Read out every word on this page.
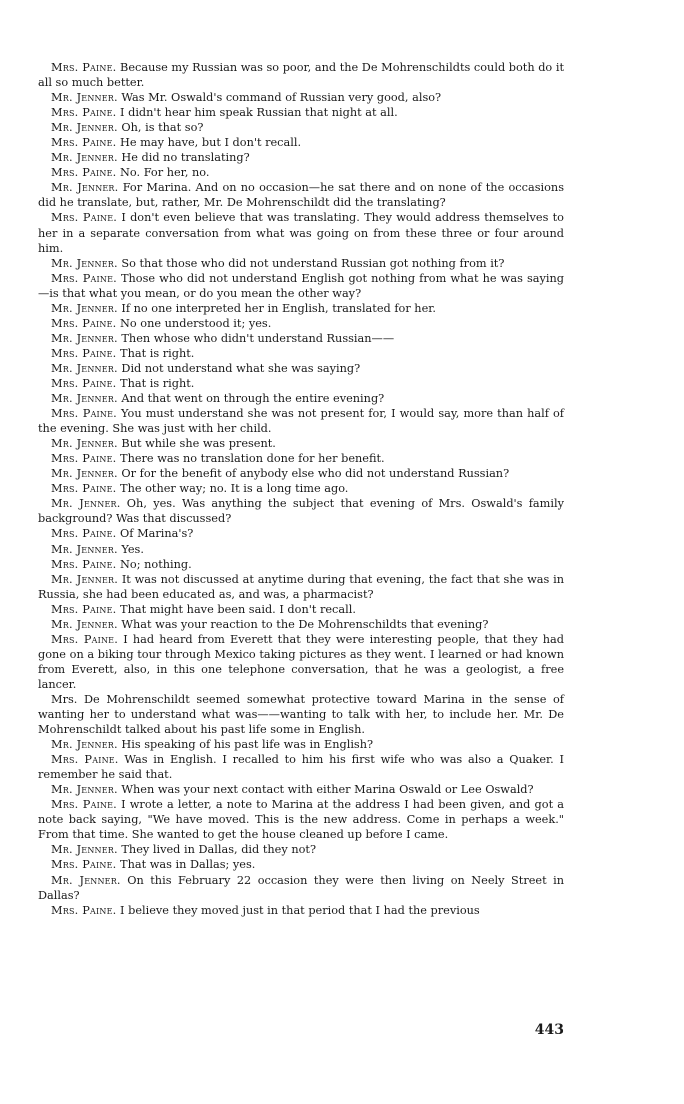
Mrs. Paine. Because my Russian was so poor, and the De Mohrenschildts could both do it all so much better.

Mr. Jenner. Was Mr. Oswald's command of Russian very good, also?

Mrs. Paine. I didn't hear him speak Russian that night at all.

Mr. Jenner. Oh, is that so?

Mrs. Paine. He may have, but I don't recall.

Mr. Jenner. He did no translating?

Mrs. Paine. No. For her, no.

Mr. Jenner. For Marina. And on no occasion—he sat there and on none of the occasions did he translate, but, rather, Mr. De Mohrenschildt did the translating?

Mrs. Paine. I don't even believe that was translating. They would address themselves to her in a separate conversation from what was going on from these three or four around him.

Mr. Jenner. So that those who did not understand Russian got nothing from it?

Mrs. Paine. Those who did not understand English got nothing from what he was saying—is that what you mean, or do you mean the other way?

Mr. Jenner. If no one interpreted her in English, translated for her.

Mrs. Paine. No one understood it; yes.

Mr. Jenner. Then whose who didn't understand Russian——

Mrs. Paine. That is right.

Mr. Jenner. Did not understand what she was saying?

Mrs. Paine. That is right.

Mr. Jenner. And that went on through the entire evening?

Mrs. Paine. You must understand she was not present for, I would say, more than half of the evening. She was just with her child.

Mr. Jenner. But while she was present.

Mrs. Paine. There was no translation done for her benefit.

Mr. Jenner. Or for the benefit of anybody else who did not understand Russian?

Mrs. Paine. The other way; no. It is a long time ago.

Mr. Jenner. Oh, yes. Was anything the subject that evening of Mrs. Oswald's family background? Was that discussed?

Mrs. Paine. Of Marina's?

Mr. Jenner. Yes.

Mrs. Paine. No; nothing.

Mr. Jenner. It was not discussed at anytime during that evening, the fact that she was in Russia, she had been educated as, and was, a pharmacist?

Mrs. Paine. That might have been said. I don't recall.

Mr. Jenner. What was your reaction to the De Mohrenschildts that evening?

Mrs. Paine. I had heard from Everett that they were interesting people, that they had gone on a biking tour through Mexico taking pictures as they went. I learned or had known from Everett, also, in this one telephone conversation, that he was a geologist, a free lancer.

Mrs. De Mohrenschildt seemed somewhat protective toward Marina in the sense of wanting her to understand what was——wanting to talk with her, to include her. Mr. De Mohrenschildt talked about his past life some in English.

Mr. Jenner. His speaking of his past life was in English?

Mrs. Paine. Was in English. I recalled to him his first wife who was also a Quaker. I remember he said that.

Mr. Jenner. When was your next contact with either Marina Oswald or Lee Oswald?

Mrs. Paine. I wrote a letter, a note to Marina at the address I had been given, and got a note back saying, "We have moved. This is the new address. Come in perhaps a week." From that time. She wanted to get the house cleaned up before I came.

Mr. Jenner. They lived in Dallas, did they not?

Mrs. Paine. That was in Dallas; yes.

Mr. Jenner. On this February 22 occasion they were then living on Neely Street in Dallas?

Mrs. Paine. I believe they moved just in that period that I had the previous

443
